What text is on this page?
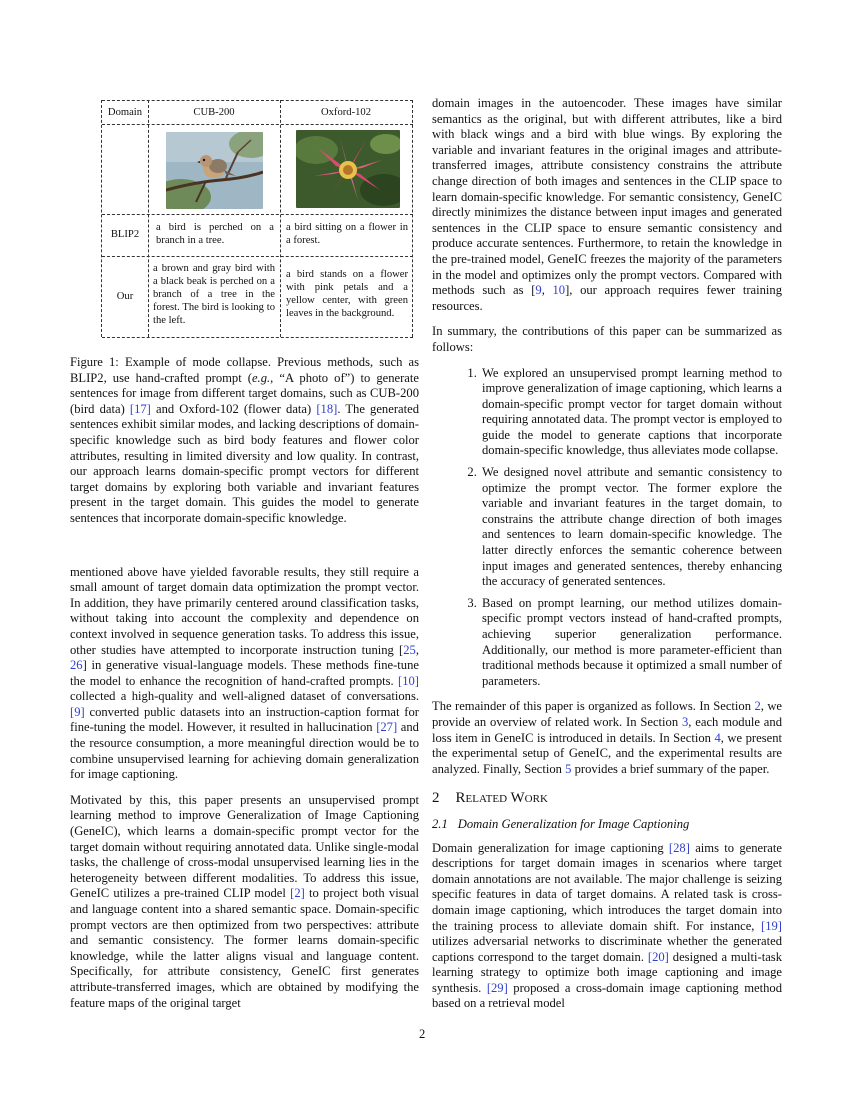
Domain	CUB-200	Oxford-102
BLIP2
a bird is perched on a branch in a tree.
a bird sitting on a flower in a forest.
Our
a brown and gray bird with a black beak is perched on a branch of a tree in the forest. The bird is looking to the left.
a bird stands on a flower with pink petals and a yellow center, with green leaves in the background.

Figure 1: Example of mode collapse. Previous methods, such as BLIP2, use hand-crafted prompt (e.g., “A photo of”) to generate sentences for image from different target domains, such as CUB-200 (bird data) [17] and Oxford-102 (flower data) [18]. The generated sentences exhibit similar modes, and lacking descriptions of domain-specific knowledge such as bird body features and flower color attributes, resulting in limited diversity and low quality. In contrast, our approach learns domain-specific prompt vectors for different target domains by exploring both variable and invariant features present in the target domain. This guides the model to generate sentences that incorporate domain-specific knowledge.

mentioned above have yielded favorable results, they still require a small amount of target domain data optimization the prompt vector. In addition, they have primarily centered around classification tasks, without taking into account the complexity and dependence on context involved in sequence generation tasks. To address this issue, other studies have attempted to incorporate instruction tuning [25, 26] in generative visual-language models. These methods fine-tune the model to enhance the recognition of hand-crafted prompts. [10] collected a high-quality and well-aligned dataset of conversations. [9] converted public datasets into an instruction-caption format for fine-tuning the model. However, it resulted in hallucination [27] and the resource consumption, a more meaningful direction would be to combine unsupervised learning for achieving domain generalization for image captioning.

Motivated by this, this paper presents an unsupervised prompt learning method to improve Generalization of Image Captioning (GeneIC), which learns a domain-specific prompt vector for the target domain without requiring annotated data. Unlike single-modal tasks, the challenge of cross-modal unsupervised learning lies in the heterogeneity between different modalities. To address this issue, GeneIC utilizes a pre-trained CLIP model [2] to project both visual and language content into a shared semantic space. Domain-specific prompt vectors are then optimized from two perspectives: attribute and semantic consistency. The former learns domain-specific knowledge, while the latter aligns visual and language content. Specifically, for attribute consistency, GeneIC first generates attribute-transferred images, which are obtained by modifying the feature maps of the original target

domain images in the autoencoder. These images have similar semantics as the original, but with different attributes, like a bird with black wings and a bird with blue wings. By exploring the variable and invariant features in the original images and attribute-transferred images, attribute consistency constrains the attribute change direction of both images and sentences in the CLIP space to learn domain-specific knowledge. For semantic consistency, GeneIC directly minimizes the distance between input images and generated sentences in the CLIP space to ensure semantic consistency and produce accurate sentences. Furthermore, to retain the knowledge in the pre-trained model, GeneIC freezes the majority of the parameters in the model and optimizes only the prompt vectors. Compared with methods such as [9, 10], our approach requires fewer training resources.

In summary, the contributions of this paper can be summarized as follows:

1. We explored an unsupervised prompt learning method to improve generalization of image captioning, which learns a domain-specific prompt vector for target domain without requiring annotated data. The prompt vector is employed to guide the model to generate captions that incorporate domain-specific knowledge, thus alleviates mode collapse.
2. We designed novel attribute and semantic consistency to optimize the prompt vector. The former explore the variable and invariant features in the target domain, to constrains the attribute change direction of both images and sentences to learn domain-specific knowledge. The latter directly enforces the semantic coherence between input images and generated sentences, thereby enhancing the accuracy of generated sentences.
3. Based on prompt learning, our method utilizes domain-specific prompt vectors instead of hand-crafted prompts, achieving superior generalization performance. Additionally, our method is more parameter-efficient than traditional methods because it optimized a small number of parameters.

The remainder of this paper is organized as follows. In Section 2, we provide an overview of related work. In Section 3, each module and loss item in GeneIC is introduced in details. In Section 4, we present the experimental setup of GeneIC, and the experimental results are analyzed. Finally, Section 5 provides a brief summary of the paper.

2 Related Work
2.1 Domain Generalization for Image Captioning

Domain generalization for image captioning [28] aims to generate descriptions for target domain images in scenarios where target domain annotations are not available. The major challenge is seizing specific features in data of target domains. A related task is cross-domain image captioning, which introduces the target domain into the training process to alleviate domain shift. For instance, [19] utilizes adversarial networks to discriminate whether the generated captions correspond to the target domain. [20] designed a multi-task learning strategy to optimize both image captioning and image synthesis. [29] proposed a cross-domain image captioning method based on a retrieval model

2
